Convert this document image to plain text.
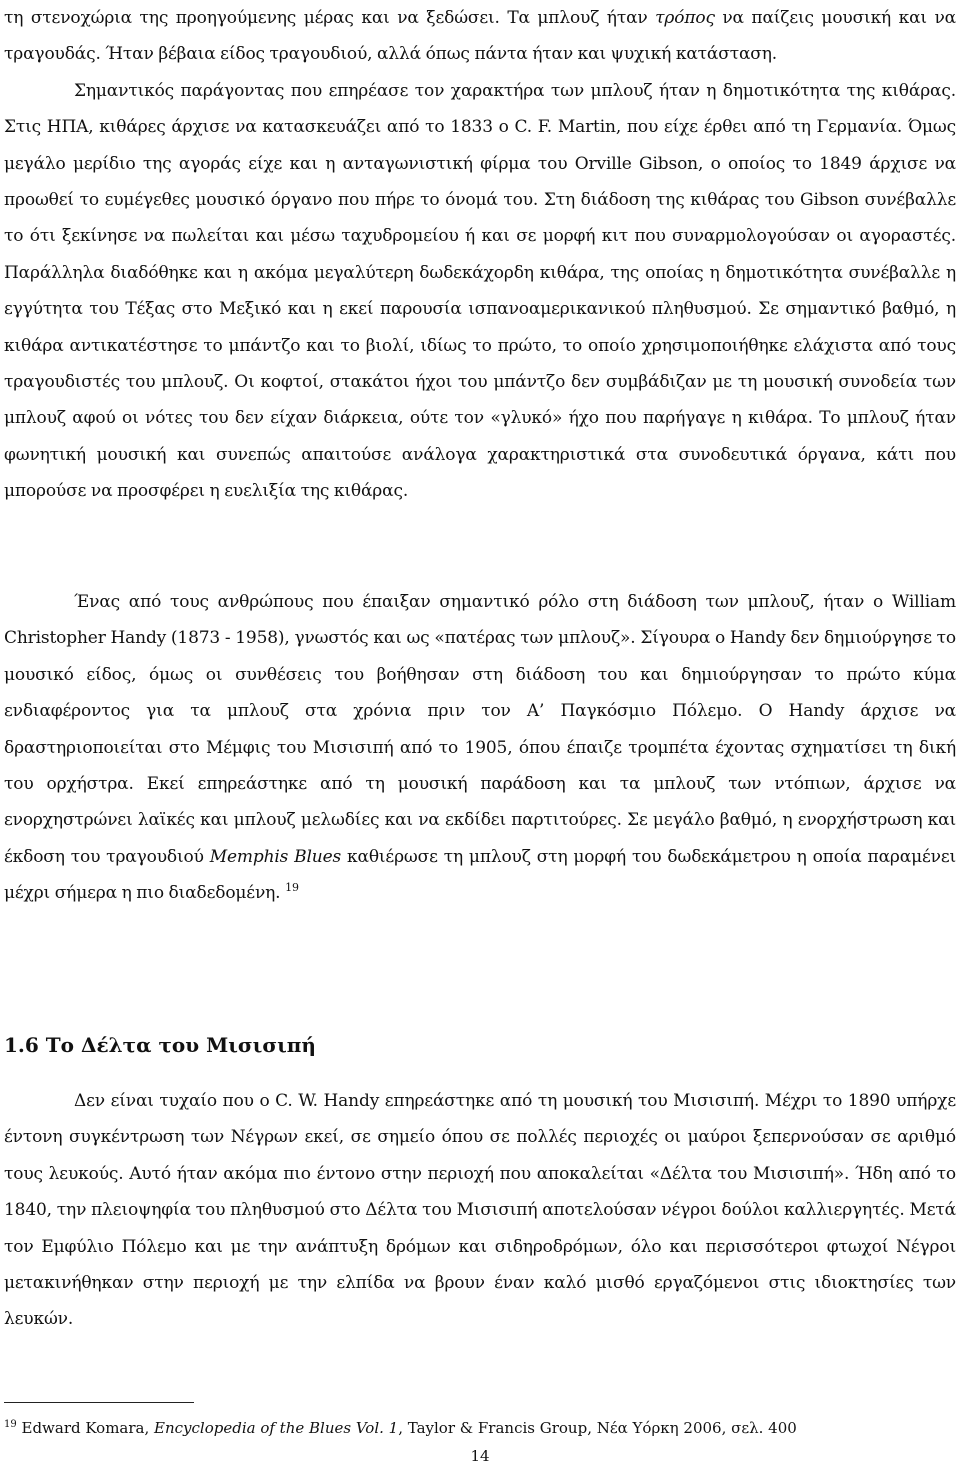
τη στενοχώρια της προηγούμενης μέρας και να ξεδώσει. Τα μπλουζ ήταν τρόπος να παίζεις μουσική και να τραγουδάς. Ήταν βέβαια είδος τραγουδιού, αλλά όπως πάντα ήταν και ψυχική κατάσταση.

Σημαντικός παράγοντας που επηρέασε τον χαρακτήρα των μπλουζ ήταν η δημοτικότητα της κιθάρας. Στις ΗΠΑ, κιθάρες άρχισε να κατασκευάζει από το 1833 ο C. F. Martin, που είχε έρθει από τη Γερμανία. Όμως μεγάλο μερίδιο της αγοράς είχε και η ανταγωνιστική φίρμα του Orville Gibson, ο οποίος το 1849 άρχισε να προωθεί το ευμέγεθες μουσικό όργανο που πήρε το όνομά του. Στη διάδοση της κιθάρας του Gibson συνέβαλλε το ότι ξεκίνησε να πωλείται και μέσω ταχυδρομείου ή και σε μορφή κιτ που συναρμολογούσαν οι αγοραστές. Παράλληλα διαδόθηκε και η ακόμα μεγαλύτερη δωδεκάχορδη κιθάρα, της οποίας η δημοτικότητα συνέβαλλε η εγγύτητα του Τέξας στο Μεξικό και η εκεί παρουσία ισπανοαμερικανικού πληθυσμού. Σε σημαντικό βαθμό, η κιθάρα αντικατέστησε το μπάντζο και το βιολί, ιδίως το πρώτο, το οποίο χρησιμοποιήθηκε ελάχιστα από τους τραγουδιστές του μπλουζ. Οι κοφτοί, στακάτοι ήχοι του μπάντζο δεν συμβάδιζαν με τη μουσική συνοδεία των μπλουζ αφού οι νότες του δεν είχαν διάρκεια, ούτε τον «γλυκό» ήχο που παρήγαγε η κιθάρα. Το μπλουζ ήταν φωνητική μουσική και συνεπώς απαιτούσε ανάλογα χαρακτηριστικά στα συνοδευτικά όργανα, κάτι που μπορούσε να προσφέρει η ευελιξία της κιθάρας.

Ένας από τους ανθρώπους που έπαιξαν σημαντικό ρόλο στη διάδοση των μπλουζ, ήταν ο William Christopher Handy (1873 - 1958), γνωστός και ως «πατέρας των μπλουζ». Σίγουρα ο Handy δεν δημιούργησε το μουσικό είδος, όμως οι συνθέσεις του βοήθησαν στη διάδοση του και δημιούργησαν το πρώτο κύμα ενδιαφέροντος για τα μπλουζ στα χρόνια πριν τον Α’ Παγκόσμιο Πόλεμο. Ο Handy άρχισε να δραστηριοποιείται στο Μέμφις του Μισισιπή από το 1905, όπου έπαιζε τρομπέτα έχοντας σχηματίσει τη δική του ορχήστρα. Εκεί επηρεάστηκε από τη μουσική παράδοση και τα μπλουζ των ντόπιων, άρχισε να ενορχηστρώνει λαϊκές και μπλουζ μελωδίες και να εκδίδει παρτιτούρες. Σε μεγάλο βαθμό, η ενορχήστρωση και έκδοση του τραγουδιού Memphis Blues καθιέρωσε τη μπλουζ στη μορφή του δωδεκάμετρου η οποία παραμένει μέχρι σήμερα η πιο διαδεδομένη. $^{19}$

1.6 Το Δέλτα του Μισισιπή

Δεν είναι τυχαίο που ο C. W. Handy επηρεάστηκε από τη μουσική του Μισισιπή. Μέχρι το 1890 υπήρχε έντονη συγκέντρωση των Νέγρων εκεί, σε σημείο όπου σε πολλές περιοχές οι μαύροι ξεπερνούσαν σε αριθμό τους λευκούς. Αυτό ήταν ακόμα πιο έντονο στην περιοχή που αποκαλείται «Δέλτα του Μισισιπή». Ήδη από το 1840, την πλειοψηφία του πληθυσμού στο Δέλτα του Μισισιπή αποτελούσαν νέγροι δούλοι καλλιεργητές. Μετά τον Εμφύλιο Πόλεμο και με την ανάπτυξη δρόμων και σιδηροδρόμων, όλο και περισσότεροι φτωχοί Νέγροι μετακινήθηκαν στην περιοχή με την ελπίδα να βρουν έναν καλό μισθό εργαζόμενοι στις ιδιοκτησίες των λευκών.

$^{19}$ Edward Komara, Encyclopedia of the Blues Vol. 1, Taylor & Francis Group, Νέα Υόρκη 2006, σελ. 400

14
